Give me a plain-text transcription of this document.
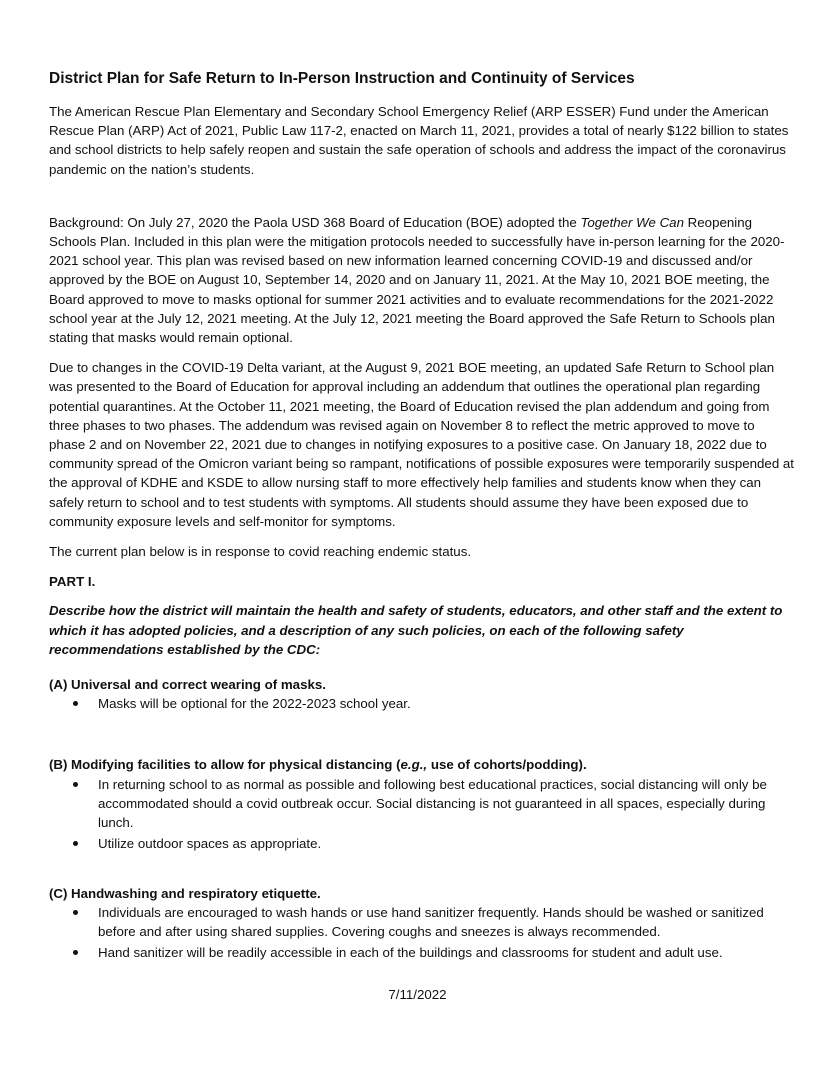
District Plan for Safe Return to In-Person Instruction and Continuity of Services

The American Rescue Plan Elementary and Secondary School Emergency Relief (ARP ESSER) Fund under the American Rescue Plan (ARP) Act of 2021, Public Law 117-2, enacted on March 11, 2021, provides a total of nearly $122 billion to states and school districts to help safely reopen and sustain the safe operation of schools and address the impact of the coronavirus pandemic on the nation’s students.

Background: On July 27, 2020 the Paola USD 368 Board of Education (BOE) adopted the Together We Can Reopening Schools Plan. Included in this plan were the mitigation protocols needed to successfully have in-person learning for the 2020-2021 school year. This plan was revised based on new information learned concerning COVID-19 and discussed and/or approved by the BOE on August 10, September 14, 2020 and on January 11, 2021. At the May 10, 2021 BOE meeting, the Board approved to move to masks optional for summer 2021 activities and to evaluate recommendations for the 2021-2022 school year at the July 12, 2021 meeting. At the July 12, 2021 meeting the Board approved the Safe Return to Schools plan stating that masks would remain optional.

Due to changes in the COVID-19 Delta variant, at the August 9, 2021 BOE meeting, an updated Safe Return to School plan was presented to the Board of Education for approval including an addendum that outlines the operational plan regarding potential quarantines. At the October 11, 2021 meeting, the Board of Education revised the plan addendum and going from three phases to two phases. The addendum was revised again on November 8 to reflect the metric approved to move to phase 2 and on November 22, 2021 due to changes in notifying exposures to a positive case. On January 18, 2022 due to community spread of the Omicron variant being so rampant, notifications of possible exposures were temporarily suspended at the approval of KDHE and KSDE to allow nursing staff to more effectively help families and students know when they can safely return to school and to test students with symptoms. All students should assume they have been exposed due to community exposure levels and self-monitor for symptoms.

The current plan below is in response to covid reaching endemic status.

PART I.
Describe how the district will maintain the health and safety of students, educators, and other staff and the extent to which it has adopted policies, and a description of any such policies, on each of the following safety recommendations established by the CDC:
(A) Universal and correct wearing of masks.
Masks will be optional for the 2022-2023 school year.
(B) Modifying facilities to allow for physical distancing (e.g., use of cohorts/podding).
In returning school to as normal as possible and following best educational practices, social distancing will only be accommodated should a covid outbreak occur. Social distancing is not guaranteed in all spaces, especially during lunch.
Utilize outdoor spaces as appropriate.
(C) Handwashing and respiratory etiquette.
Individuals are encouraged to wash hands or use hand sanitizer frequently. Hands should be washed or sanitized before and after using shared supplies. Covering coughs and sneezes is always recommended.
Hand sanitizer will be readily accessible in each of the buildings and classrooms for student and adult use.
7/11/2022
